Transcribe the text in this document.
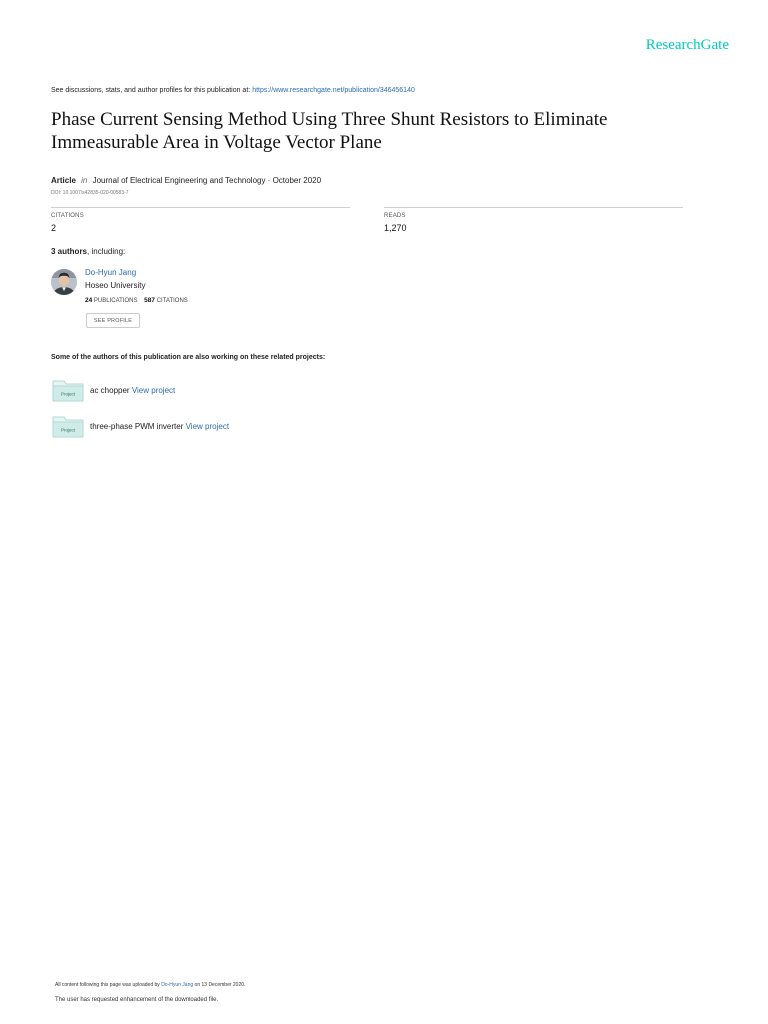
ResearchGate
See discussions, stats, and author profiles for this publication at: https://www.researchgate.net/publication/346456140
Phase Current Sensing Method Using Three Shunt Resistors to Eliminate
Immeasurable Area in Voltage Vector Plane
Article in Journal of Electrical Engineering and Technology · October 2020
DOI: 10.1007/s42835-020-00583-7
CITATIONS
2
READS
1,270
3 authors, including:
Do-Hyun Jang
Hoseo University
24 PUBLICATIONS 587 CITATIONS
SEE PROFILE
Some of the authors of this publication are also working on these related projects:
Project ac chopper View project
Project three-phase PWM inverter View project
All content following this page was uploaded by Do-Hyun Jang on 13 December 2020.
The user has requested enhancement of the downloaded file.
